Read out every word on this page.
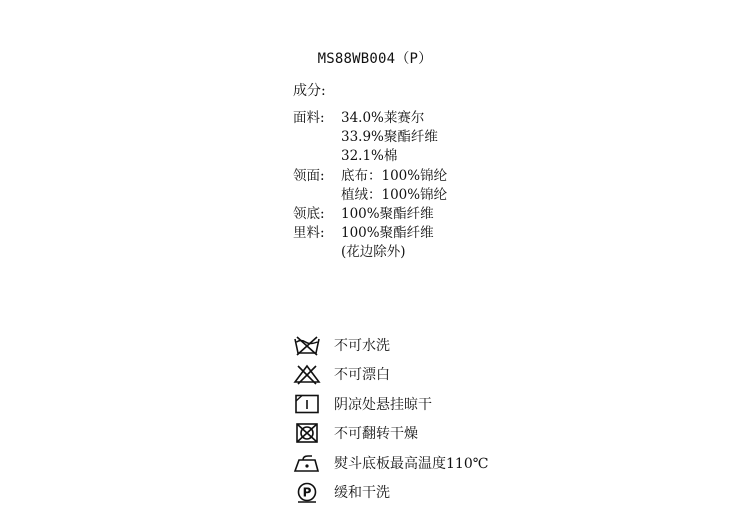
MS88WB004（P）
成分:
面料:	34.0%莱赛尔
33.9%聚酯纤维
32.1%棉
领面:	底布：100%锦纶
植绒：100%锦纶
领底:	100%聚酯纤维
里料:	100%聚酯纤维
(花边除外)
不可水洗
不可漂白
阴凉处悬挂晾干
不可翻转干燥
熨斗底板最高温度110℃
P 缓和干洗
